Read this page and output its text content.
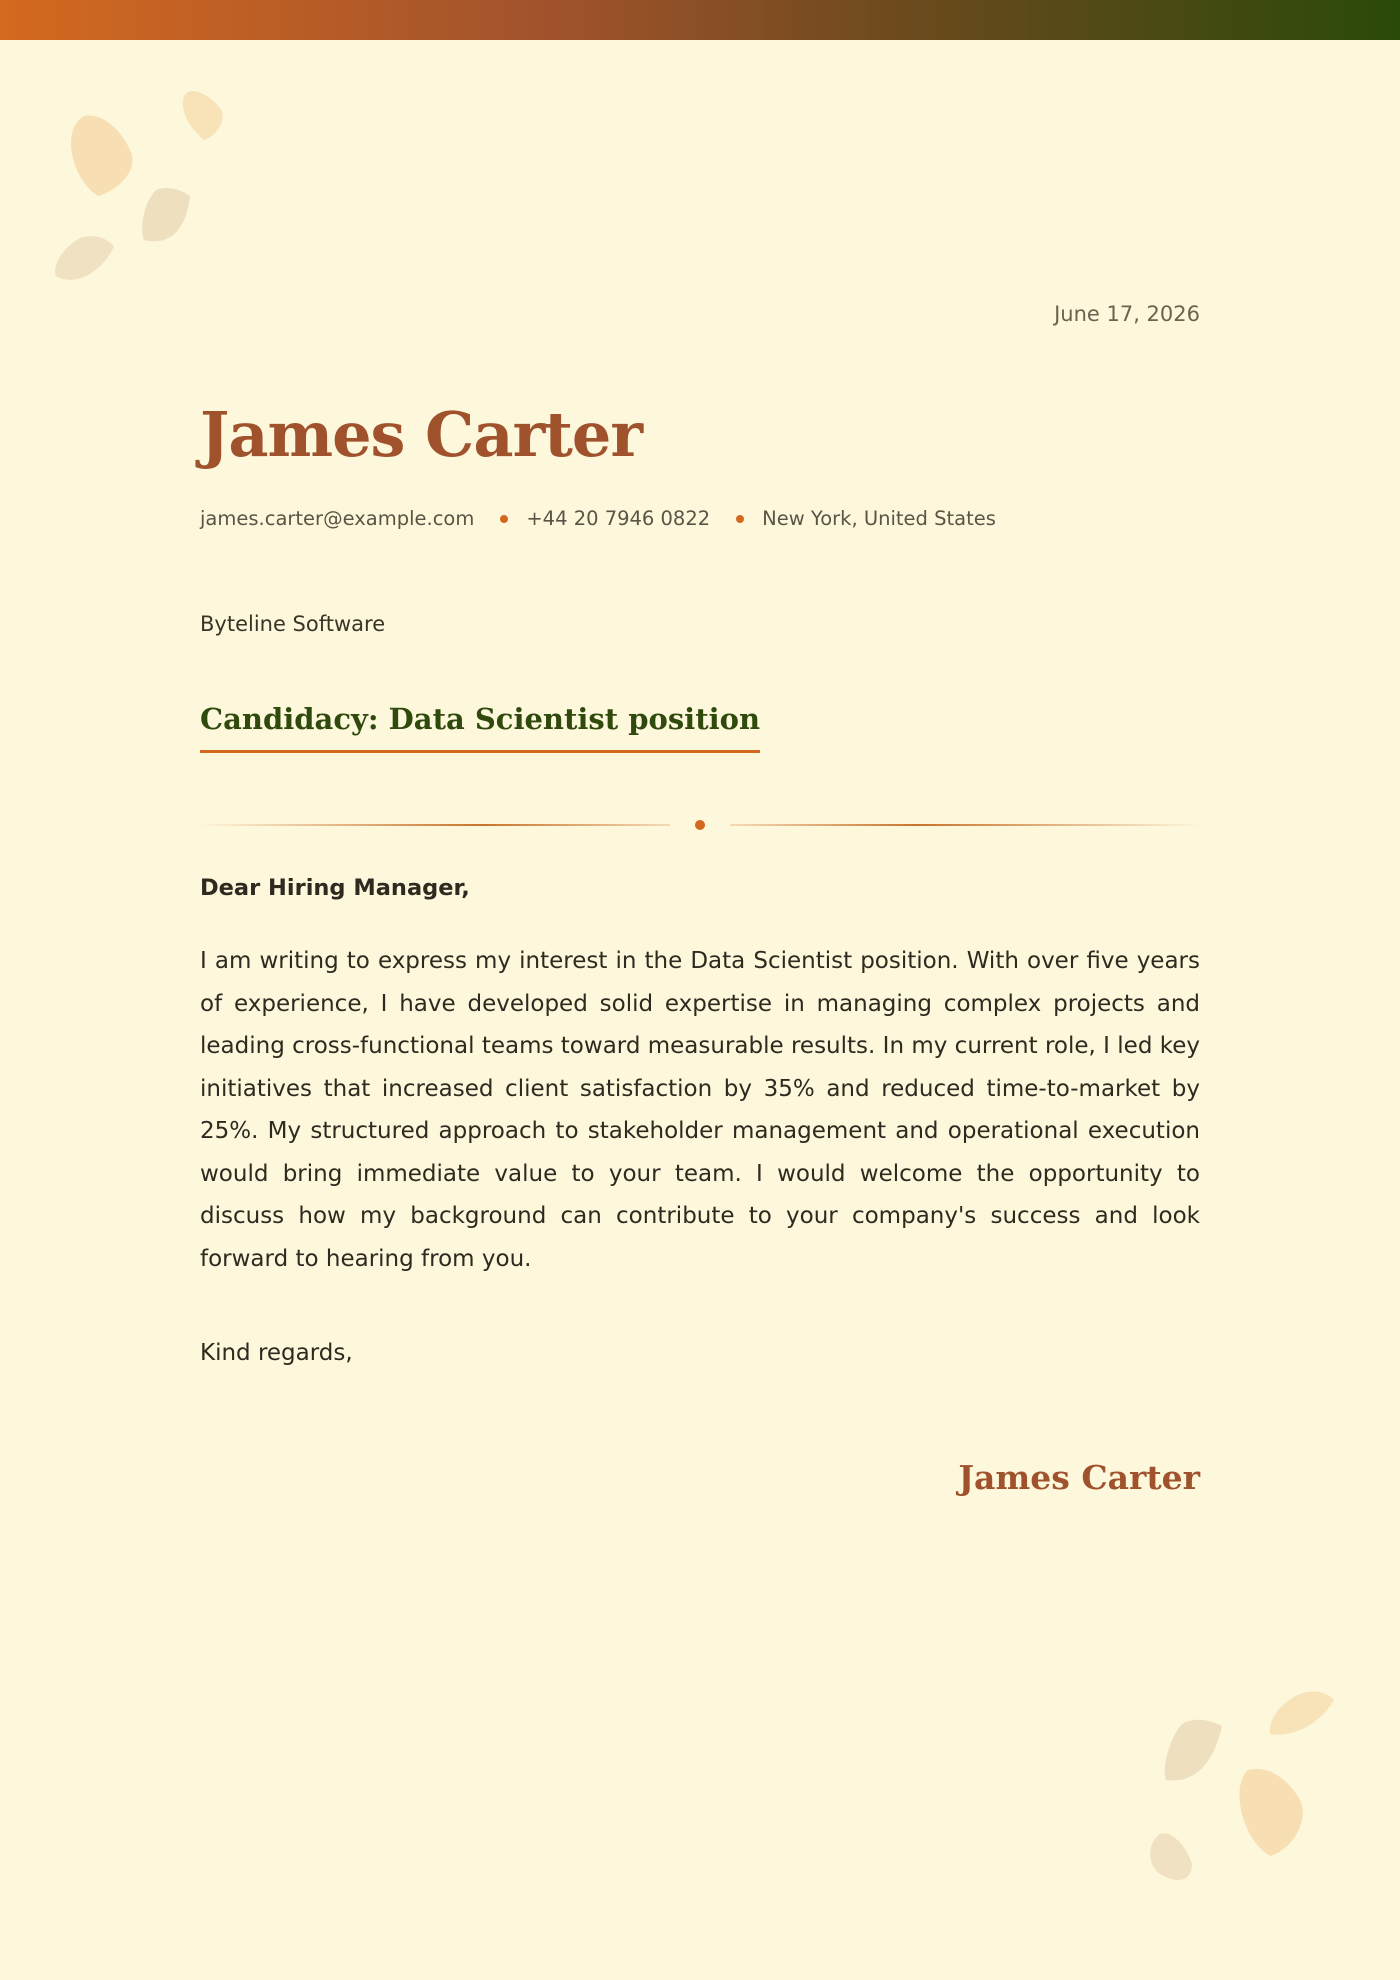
June 17, 2026
James Carter
james.carter@example.com	+44 20 7946 0822	New York, United States
Byteline Software
Candidacy: Data Scientist position
Dear Hiring Manager,

I am writing to express my interest in the Data Scientist position. With over five years of experience, I have developed solid expertise in managing complex projects and leading cross-functional teams toward measurable results. In my current role, I led key initiatives that increased client satisfaction by 35% and reduced time-to-market by 25%. My structured approach to stakeholder management and operational execution would bring immediate value to your team. I would welcome the opportunity to discuss how my background can contribute to your company's success and look forward to hearing from you.

Kind regards,
James Carter
